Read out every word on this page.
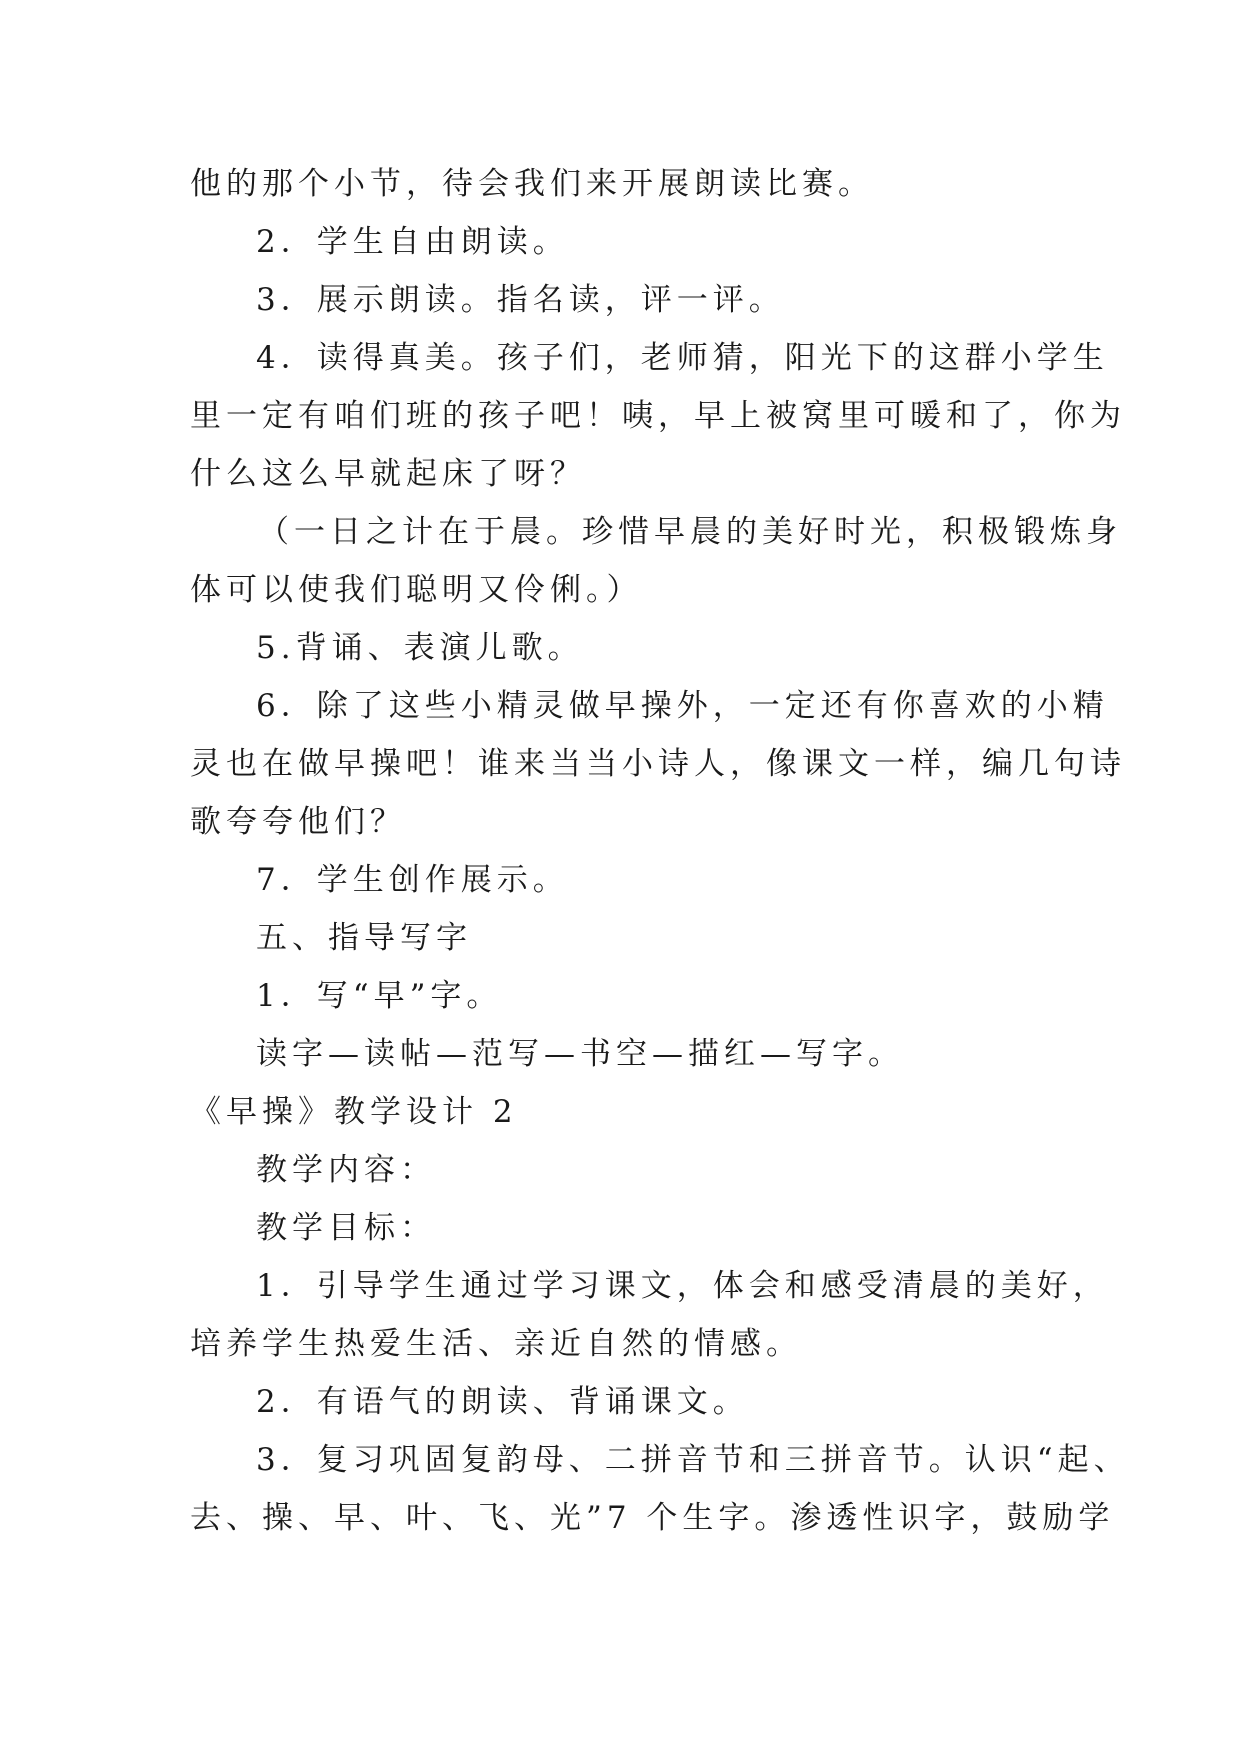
他的那个小节，待会我们来开展朗读比赛。
2．学生自由朗读。
3．展示朗读。指名读，评一评。
4．读得真美。孩子们，老师猜，阳光下的这群小学生
里一定有咱们班的孩子吧！咦，早上被窝里可暖和了，你为
什么这么早就起床了呀？
（一日之计在于晨。珍惜早晨的美好时光，积极锻炼身
体可以使我们聪明又伶俐。）
5.背诵、表演儿歌。
6．除了这些小精灵做早操外，一定还有你喜欢的小精
灵也在做早操吧！谁来当当小诗人，像课文一样，编几句诗
歌夸夸他们？
7．学生创作展示。
五、指导写字
1．写“早”字。
读字—读帖—范写—书空—描红—写字。
《早操》教学设计 2
教学内容：
教学目标：
1．引导学生通过学习课文，体会和感受清晨的美好，
培养学生热爱生活、亲近自然的情感。
2．有语气的朗读、背诵课文。
3．复习巩固复韵母、二拼音节和三拼音节。认识“起、
去、操、早、叶、飞、光”7 个生字。渗透性识字，鼓励学
